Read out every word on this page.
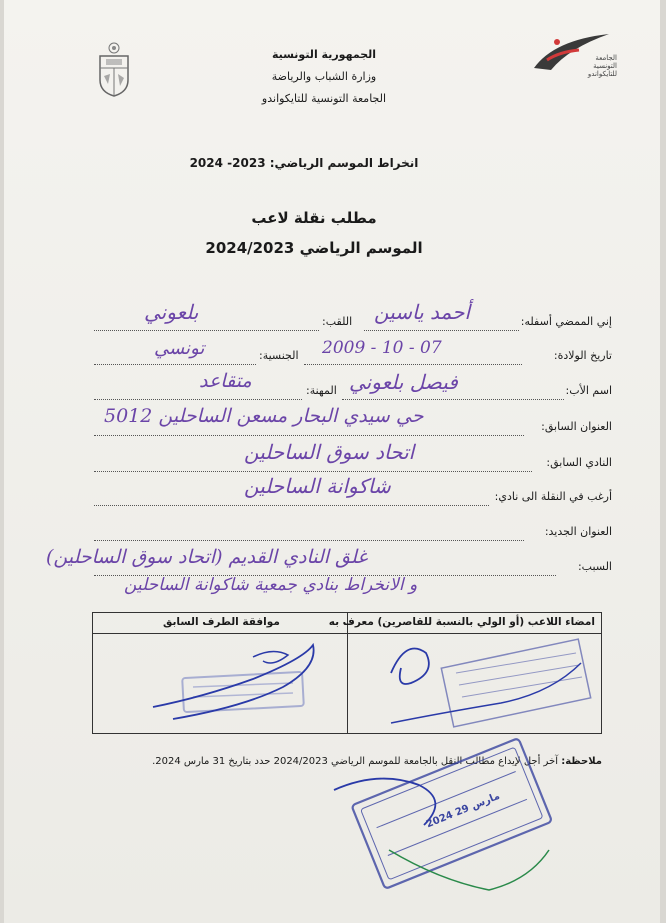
الجمهورية التونسية
وزارة الشباب والرياضة
الجامعة التونسية للتايكواندو
الجامعة
التونسية
للتايكواندو
انخراط الموسم الرياضي: 2023- 2024
مطلب نقلة لاعب
الموسم الرياضي 2024/2023
إني الممضي أسفله:
أحمد ياسين
اللقب:
بلعوني
تاريخ الولادة:
2009 - 10 - 07
الجنسية:
تونسي
اسم الأب:
فيصل بلعوني
المهنة:
متقاعد
العنوان السابق:
حي سيدي البحار مسعن الساحلين 5012
النادي السابق:
اتحاد سوق الساحلين
أرغب في النقلة الى نادي:
شاكوانة الساحلين
العنوان الجديد:
السبب:
غلق النادي القديم (اتحاد سوق الساحلين)
و الانخراط بنادي جمعية شاكوانة الساحلين
امضاء اللاعب (أو الولي بالنسبة للقاصرين) معرف به
موافقة الطرف السابق
ملاحظة: آخر أجل لإيداع مطالب النقل بالجامعة للموسم الرياضي 2024/2023 حدد بتاريخ 31 مارس 2024.
2024 مارس 29
